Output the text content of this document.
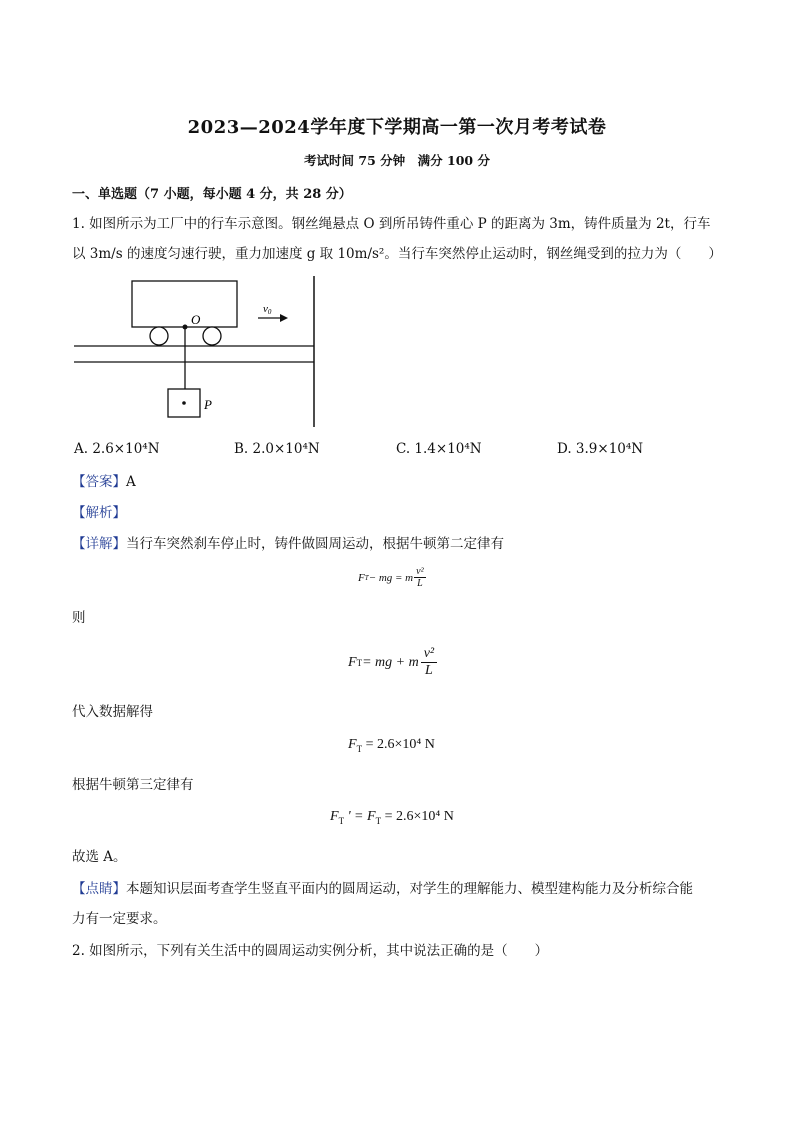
2023—2024学年度下学期高一第一次月考考试卷
考试时间 75 分钟　满分 100 分
一、单选题（7 小题，每小题 4 分，共 28 分）
1. 如图所示为工厂中的行车示意图。钢丝绳悬点 O 到所吊铸件重心 P 的距离为 3m，铸件质量为 2t，行车
以 3m/s 的速度匀速行驶，重力加速度 g 取 10m/s²。当行车突然停止运动时，钢丝绳受到的拉力为（　　）
O
P
v0
A. 2.6×10⁴N	B. 2.0×10⁴N	C. 1.4×10⁴N	D. 3.9×10⁴N
【答案】A
【解析】
【详解】当行车突然刹车停止时，铸件做圆周运动，根据牛顿第二定律有
F T − mg = m v²
L
则
F T = mg + m
v²
L
代入数据解得
$F_T = 2.6\times 10^4$ N
根据牛顿第三定律有
$F_T$ ' = $F_T = 2.6\times 10^4$ N
故选 A。
【点睛】本题知识层面考查学生竖直平面内的圆周运动，对学生的理解能力、模型建构能力及分析综合能
力有一定要求。
2. 如图所示，下列有关生活中的圆周运动实例分析，其中说法正确的是（　　）
